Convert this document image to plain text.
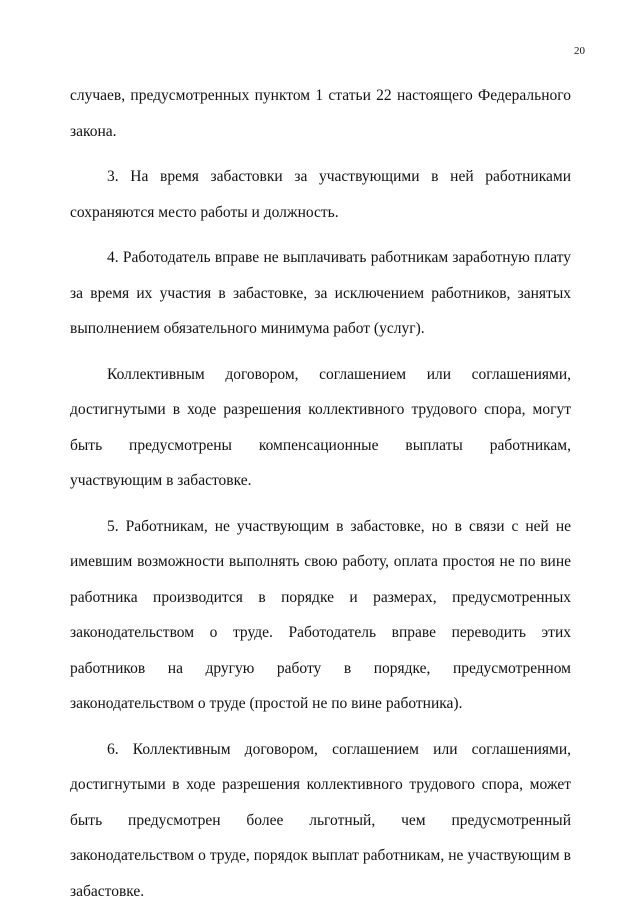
20

случаев, предусмотренных пунктом 1 статьи 22 настоящего Федерального закона.

3. На время забастовки за участвующими в ней работниками сохраняются место работы и должность.

4. Работодатель вправе не выплачивать работникам заработную плату за время их участия в забастовке, за исключением работников, занятых выполнением обязательного минимума работ (услуг).

Коллективным договором, соглашением или соглашениями, достигнутыми в ходе разрешения коллективного трудового спора, могут быть предусмотрены компенсационные выплаты работникам, участвующим в забастовке.

5. Работникам, не участвующим в забастовке, но в связи с ней не имевшим возможности выполнять свою работу, оплата простоя не по вине работника производится в порядке и размерах, предусмотренных законодательством о труде. Работодатель вправе переводить этих работников на другую работу в порядке, предусмотренном законодательством о труде (простой не по вине работника).

6. Коллективным договором, соглашением или соглашениями, достигнутыми в ходе разрешения коллективного трудового спора, может быть предусмотрен более льготный, чем предусмотренный законодательством о труде, порядок выплат работникам, не участвующим в забастовке.
